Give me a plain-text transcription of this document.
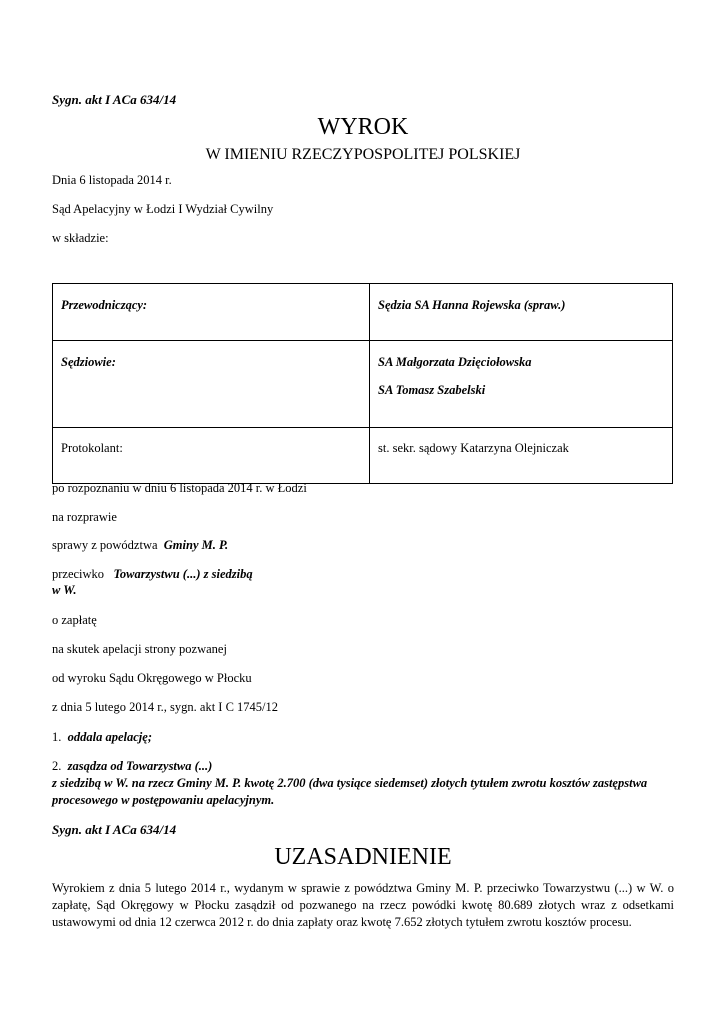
Sygn. akt I ACa 634/14
WYROK
W IMIENIU RZECZYPOSPOLITEJ POLSKIEJ
Dnia 6 listopada 2014 r.
Sąd Apelacyjny w Łodzi I Wydział Cywilny
w składzie:
Przewodniczący:	Sędzia SA Hanna Rojewska (spraw.)
Sędziowie:	SA Małgorzata Dzięciołowska
SA Tomasz Szabelski

Protokolant:	st. sekr. sądowy Katarzyna Olejniczak
po rozpoznaniu w dniu 6 listopada 2014 r. w Łodzi
na rozprawie
sprawy z powództwa Gminy M. P.
przeciwko Towarzystwu (...) z siedzibą
w W.
o zapłatę
na skutek apelacji strony pozwanej
od wyroku Sądu Okręgowego w Płocku
z dnia 5 lutego 2014 r., sygn. akt I C 1745/12
1. oddala apelację;
2. zasądza od Towarzystwa (...)
z siedzibą w W. na rzecz Gminy M. P. kwotę 2.700 (dwa tysiące siedemset) złotych tytułem zwrotu kosztów zastępstwa procesowego w postępowaniu apelacyjnym.
Sygn. akt I ACa 634/14
UZASADNIENIE
Wyrokiem z dnia 5 lutego 2014 r., wydanym w sprawie z powództwa Gminy M. P. przeciwko Towarzystwu (...) w W. o zapłatę, Sąd Okręgowy w Płocku zasądził od pozwanego na rzecz powódki kwotę 80.689 złotych wraz z odsetkami ustawowymi od dnia 12 czerwca 2012 r. do dnia zapłaty oraz kwotę 7.652 złotych tytułem zwrotu kosztów procesu.
